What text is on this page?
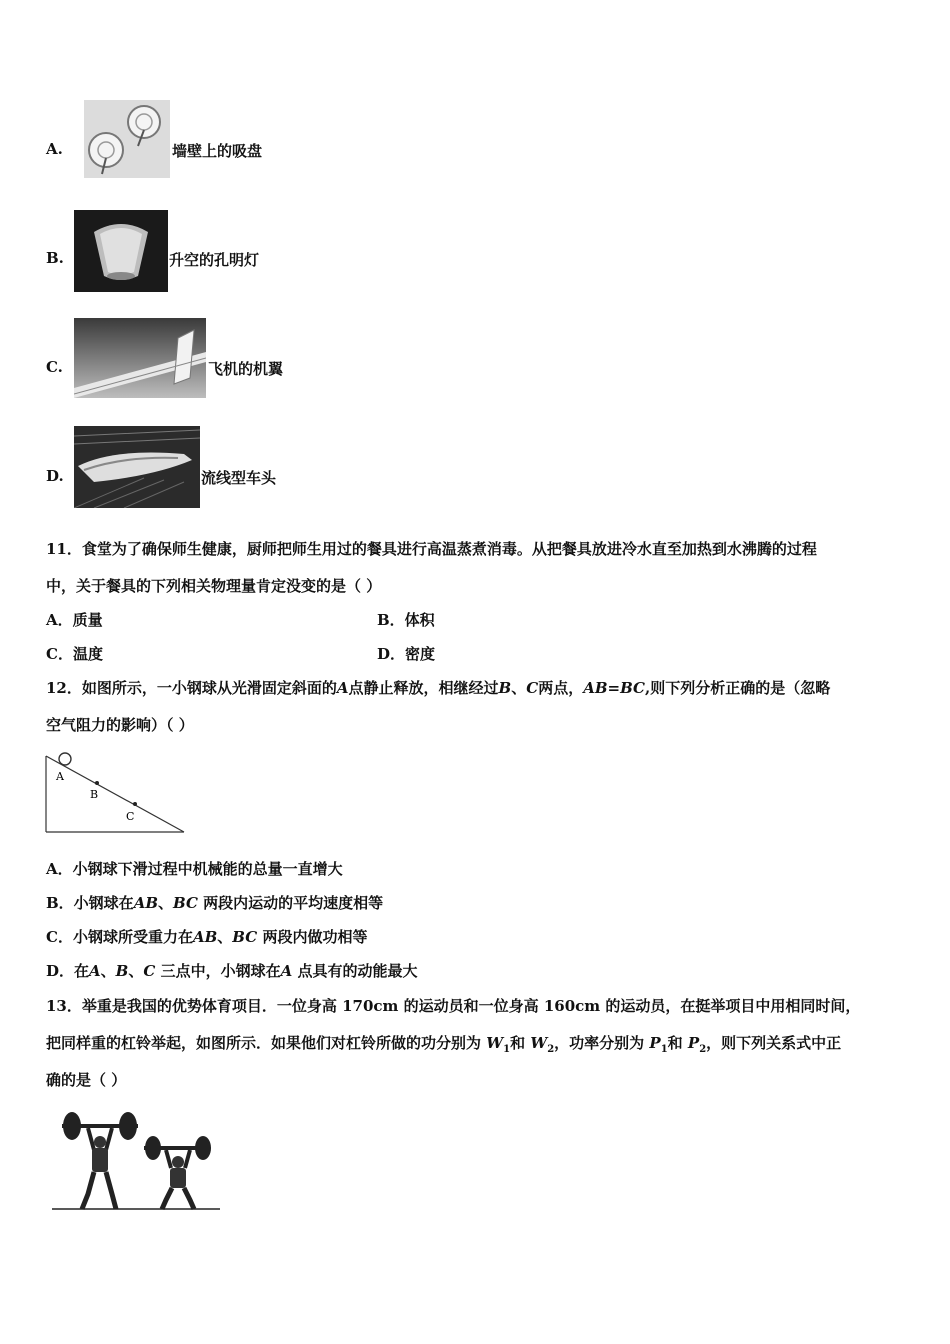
A.	墙壁上的吸盘
B.	升空的孔明灯
C.	飞机的机翼
D.	流线型车头
11．食堂为了确保师生健康，厨师把师生用过的餐具进行高温蒸煮消毒。从把餐具放进冷水直至加热到水沸腾的过程
中，关于餐具的下列相关物理量肯定没变的是（ ）
A．质量	B．体积
C．温度	D．密度
12．如图所示，一小钢球从光滑固定斜面的A点静止释放，相继经过B、C两点，AB=BC,则下列分析正确的是（忽略
空气阻力的影响）（ ）
A
B
C
A．小钢球下滑过程中机械能的总量一直增大
B．小钢球在AB、BC 两段内运动的平均速度相等
C．小钢球所受重力在AB、BC 两段内做功相等
D．在A、B、C 三点中，小钢球在A 点具有的动能最大
13．举重是我国的优势体育项目．一位身高 170cm 的运动员和一位身高 160cm 的运动员，在挺举项目中用相同时间，
把同样重的杠铃举起，如图所示．如果他们对杠铃所做的功分别为 $W_1$和 $W_2$，功率分别为 $P_1$和 $P_2$，则下列关系式中正
确的是（ ）
